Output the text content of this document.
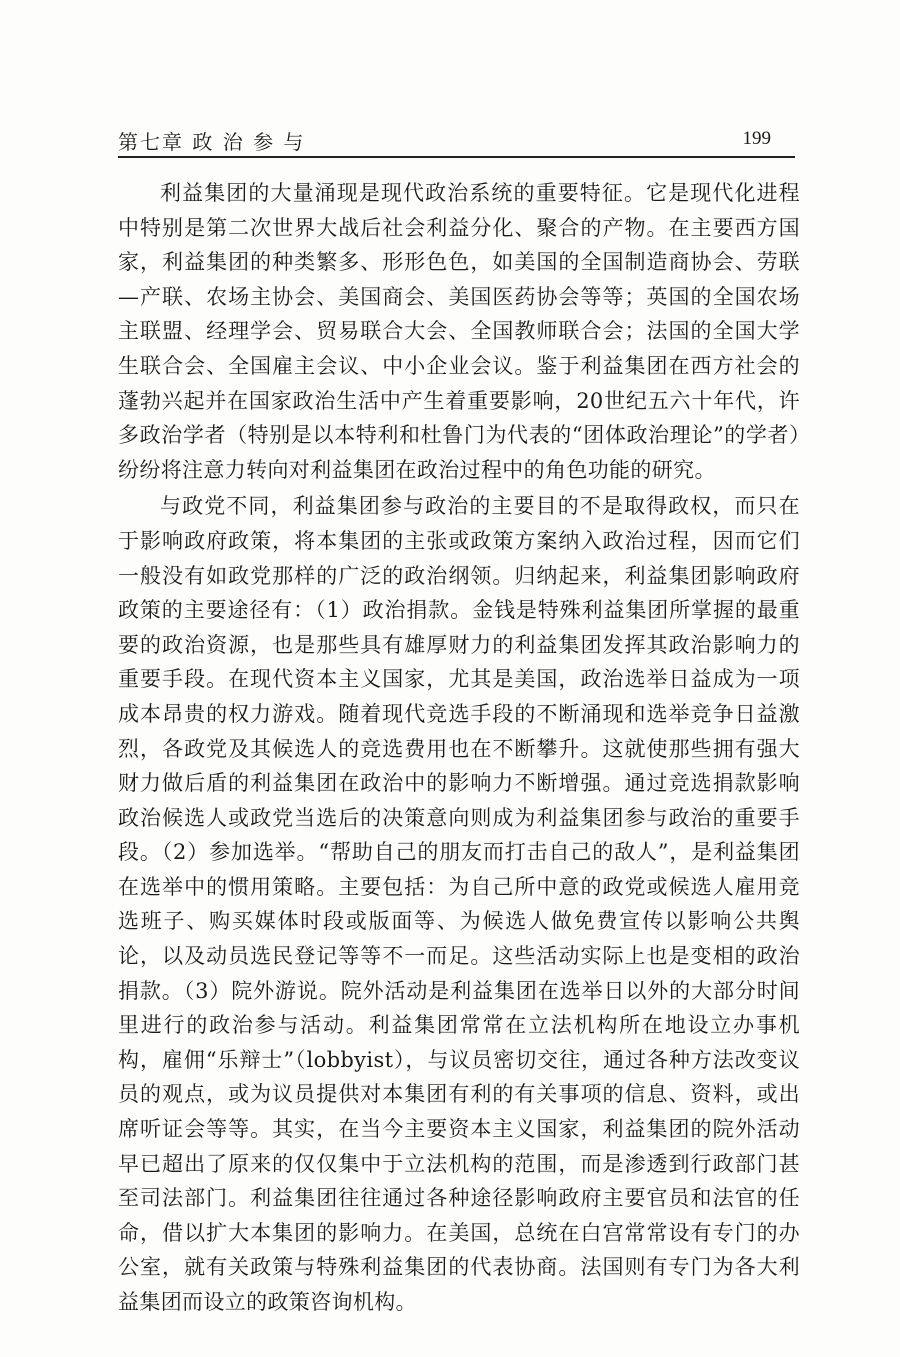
第七章 政 治 参 与	199

利益集团的大量涌现是现代政治系统的重要特征。它是现代化进程中特别是第二次世界大战后社会利益分化、聚合的产物。在主要西方国家，利益集团的种类繁多、形形色色，如美国的全国制造商协会、劳联—产联、农场主协会、美国商会、美国医药协会等等；英国的全国农场主联盟、经理学会、贸易联合大会、全国教师联合会；法国的全国大学生联合会、全国雇主会议、中小企业会议。鉴于利益集团在西方社会的蓬勃兴起并在国家政治生活中产生着重要影响，20世纪五六十年代，许多政治学者（特别是以本特利和杜鲁门为代表的“团体政治理论”的学者）纷纷将注意力转向对利益集团在政治过程中的角色功能的研究。

与政党不同，利益集团参与政治的主要目的不是取得政权，而只在于影响政府政策，将本集团的主张或政策方案纳入政治过程，因而它们一般没有如政党那样的广泛的政治纲领。归纳起来，利益集团影响政府政策的主要途径有：（1）政治捐款。金钱是特殊利益集团所掌握的最重要的政治资源，也是那些具有雄厚财力的利益集团发挥其政治影响力的重要手段。在现代资本主义国家，尤其是美国，政治选举日益成为一项成本昂贵的权力游戏。随着现代竞选手段的不断涌现和选举竞争日益激烈，各政党及其候选人的竞选费用也在不断攀升。这就使那些拥有强大财力做后盾的利益集团在政治中的影响力不断增强。通过竞选捐款影响政治候选人或政党当选后的决策意向则成为利益集团参与政治的重要手段。（2）参加选举。“帮助自己的朋友而打击自己的敌人”，是利益集团在选举中的惯用策略。主要包括：为自己所中意的政党或候选人雇用竞选班子、购买媒体时段或版面等、为候选人做免费宣传以影响公共舆论，以及动员选民登记等等不一而足。这些活动实际上也是变相的政治捐款。（3）院外游说。院外活动是利益集团在选举日以外的大部分时间里进行的政治参与活动。利益集团常常在立法机构所在地设立办事机构，雇佣“乐辩士”（lobbyist），与议员密切交往，通过各种方法改变议员的观点，或为议员提供对本集团有利的有关事项的信息、资料，或出席听证会等等。其实，在当今主要资本主义国家，利益集团的院外活动早已超出了原来的仅仅集中于立法机构的范围，而是渗透到行政部门甚至司法部门。利益集团往往通过各种途径影响政府主要官员和法官的任命，借以扩大本集团的影响力。在美国，总统在白宫常常设有专门的办公室，就有关政策与特殊利益集团的代表协商。法国则有专门为各大利益集团而设立的政策咨询机构。
